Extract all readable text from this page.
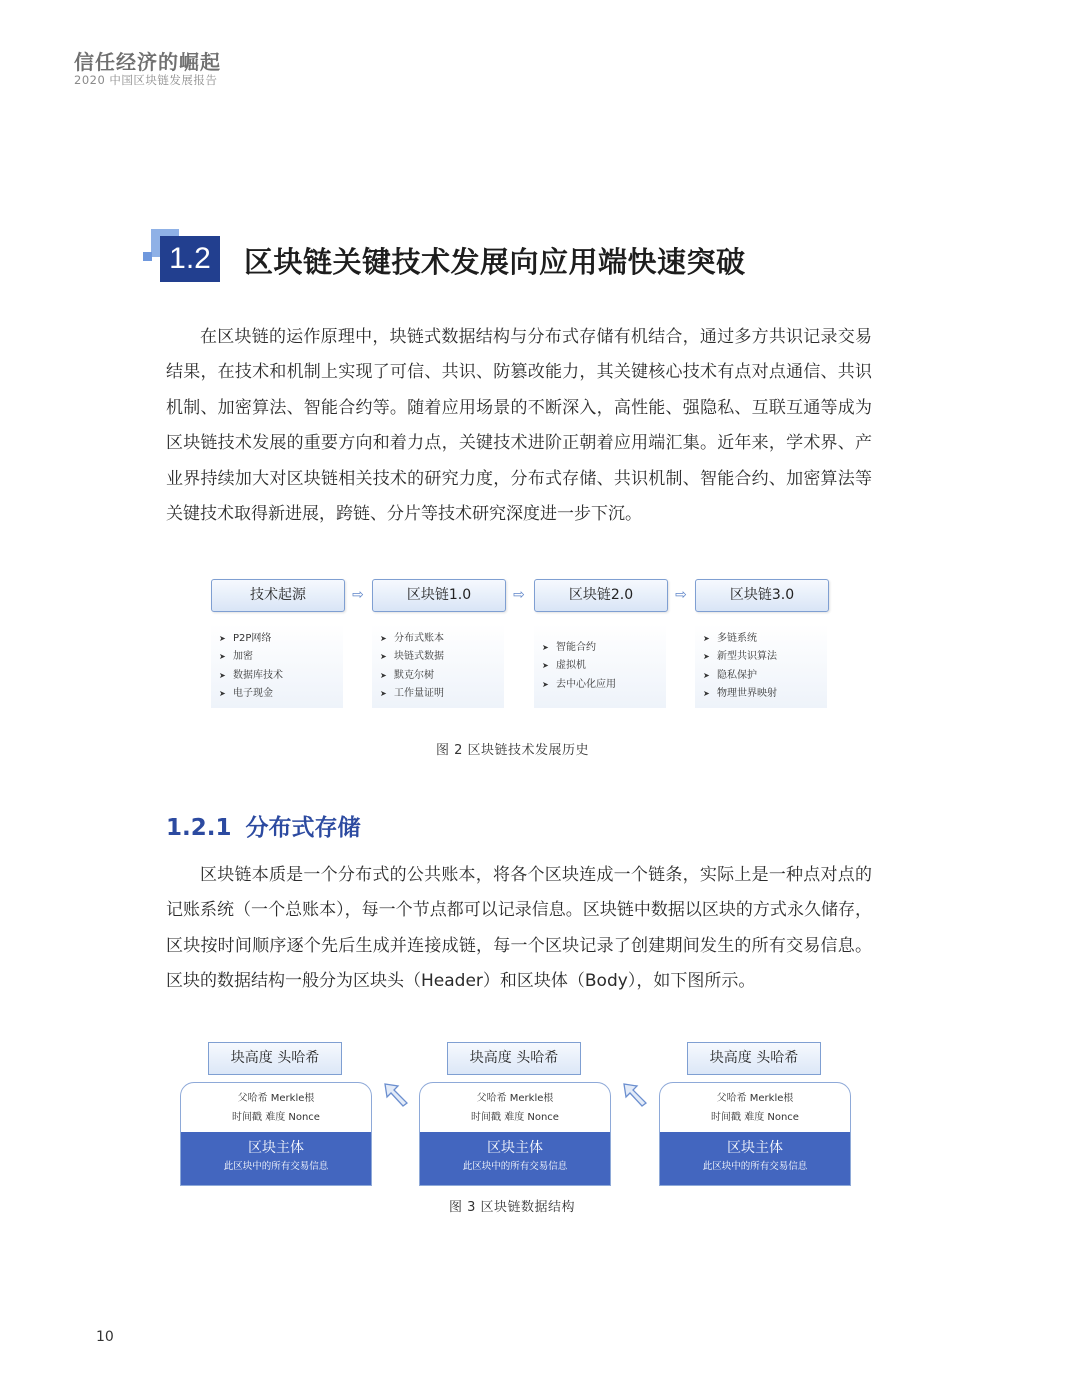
信任经济的崛起
2020 中国区块链发展报告
1.2	区块链关键技术发展向应用端快速突破

在区块链的运作原理中，块链式数据结构与分布式存储有机结合，通过多方共识记录交易结果，在技术和机制上实现了可信、共识、防篡改能力，其关键核心技术有点对点通信、共识机制、加密算法、智能合约等。随着应用场景的不断深入，高性能、强隐私、互联互通等成为区块链技术发展的重要方向和着力点，关键技术进阶正朝着应用端汇集。近年来，学术界、产业界持续加大对区块链相关技术的研究力度，分布式存储、共识机制、智能合约、加密算法等关键技术取得新进展，跨链、分片等技术研究深度进一步下沉。

技术起源	⇨	区块链1.0	⇨	区块链2.0	⇨	区块链3.0
➤ P2P网络
➤ 加密
➤ 数据库技术
➤ 电子现金
➤ 分布式账本
➤ 块链式数据
➤ 默克尔树
➤ 工作量证明
➤ 智能合约
➤ 虚拟机
➤ 去中心化应用
➤ 多链系统
➤ 新型共识算法
➤ 隐私保护
➤ 物理世界映射
图 2 区块链技术发展历史
1.2.1 分布式存储

区块链本质是一个分布式的公共账本，将各个区块连成一个链条，实际上是一种点对点的记账系统（一个总账本），每一个节点都可以记录信息。区块链中数据以区块的方式永久储存，区块按时间顺序逐个先后生成并连接成链，每一个区块记录了创建期间发生的所有交易信息。区块的数据结构一般分为区块头（Header）和区块体（Body），如下图所示。

块高度 头哈希
父哈希 Merkle根
时间戳 难度 Nonce
区块主体
此区块中的所有交易信息
块高度 头哈希
父哈希 Merkle根
时间戳 难度 Nonce
区块主体
此区块中的所有交易信息
块高度 头哈希
父哈希 Merkle根
时间戳 难度 Nonce
区块主体
此区块中的所有交易信息
图 3 区块链数据结构
10
